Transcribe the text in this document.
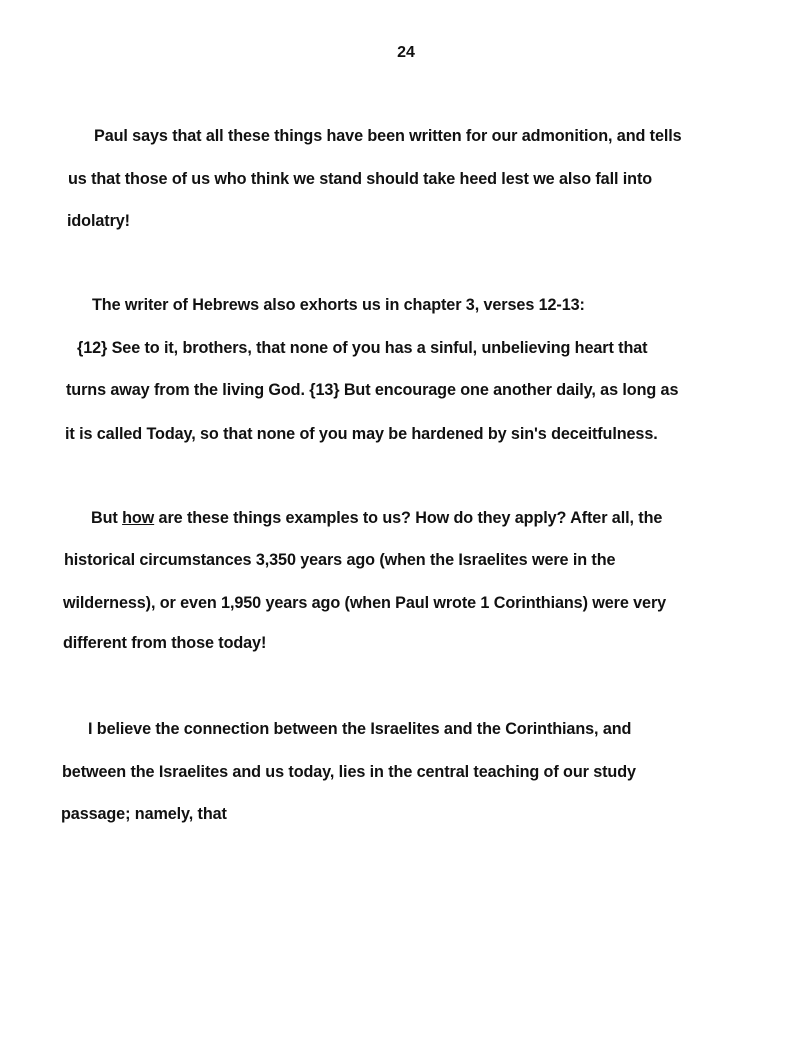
24
Paul says that all these things have been written for our admonition, and tells
us that those of us who think we stand should take heed lest we also fall into
idolatry!
The writer of Hebrews also exhorts us in chapter 3, verses 12-13:
{12} See to it, brothers, that none of you has a sinful, unbelieving heart that
turns away from the living God. {13} But encourage one another daily, as long as
it is called Today, so that none of you may be hardened by sin's deceitfulness.
But how are these things examples to us? How do they apply? After all, the
historical circumstances 3,350 years ago (when the Israelites were in the
wilderness), or even 1,950 years ago (when Paul wrote 1 Corinthians) were very
different from those today!
I believe the connection between the Israelites and the Corinthians, and
between the Israelites and us today, lies in the central teaching of our study
passage; namely, that
